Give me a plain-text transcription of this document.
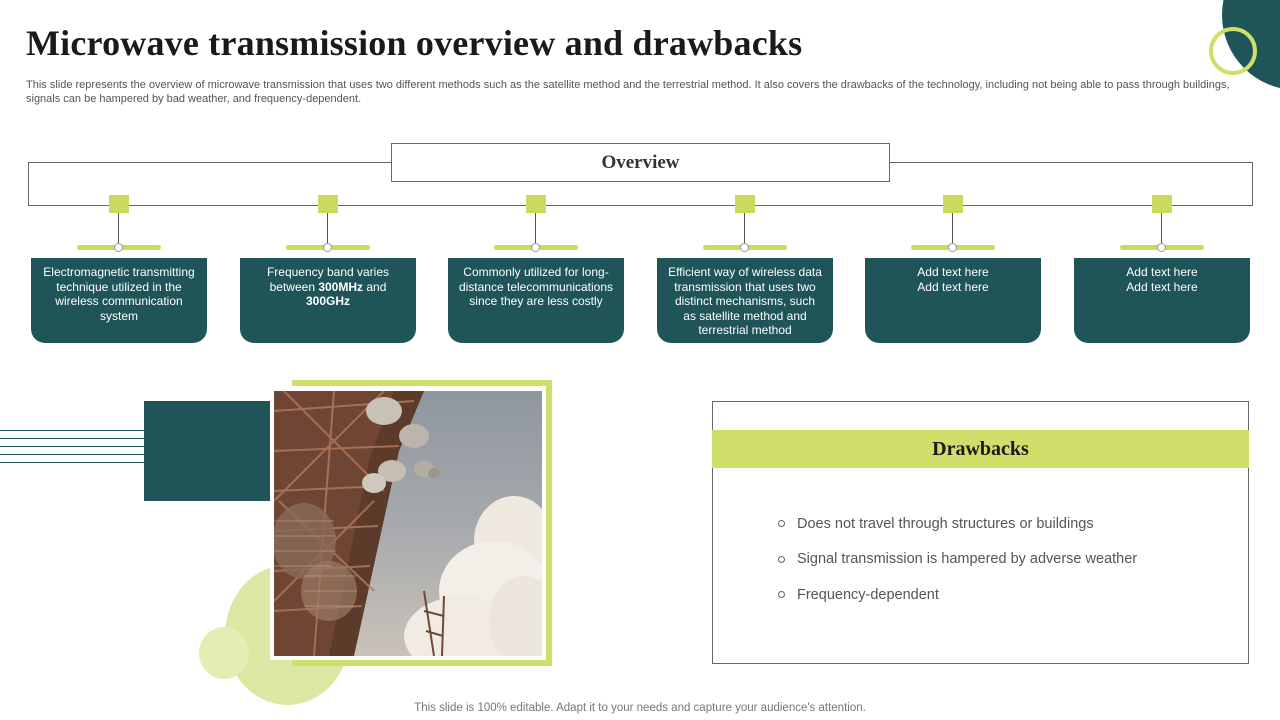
Microwave transmission overview and drawbacks

This slide represents the overview of microwave transmission that uses two different methods such as the satellite method and the terrestrial method. It also covers the drawbacks of the technology, including not being able to pass through buildings, signals can be hampered by bad weather, and frequency-dependent.

Overview
Electromagnetic transmitting technique utilized in the wireless communication system
Frequency band varies between 300MHz and 300GHz
Commonly utilized for long-distance telecommunications since they are less costly
Efficient way of wireless data transmission that uses two distinct mechanisms, such as satellite method and terrestrial method
Add text here
Add text here
Add text here
Add text here
Drawbacks
Does not travel through structures or buildings
Signal transmission is hampered by adverse weather
Frequency-dependent

This slide is 100% editable. Adapt it to your needs and capture your audience's attention.
